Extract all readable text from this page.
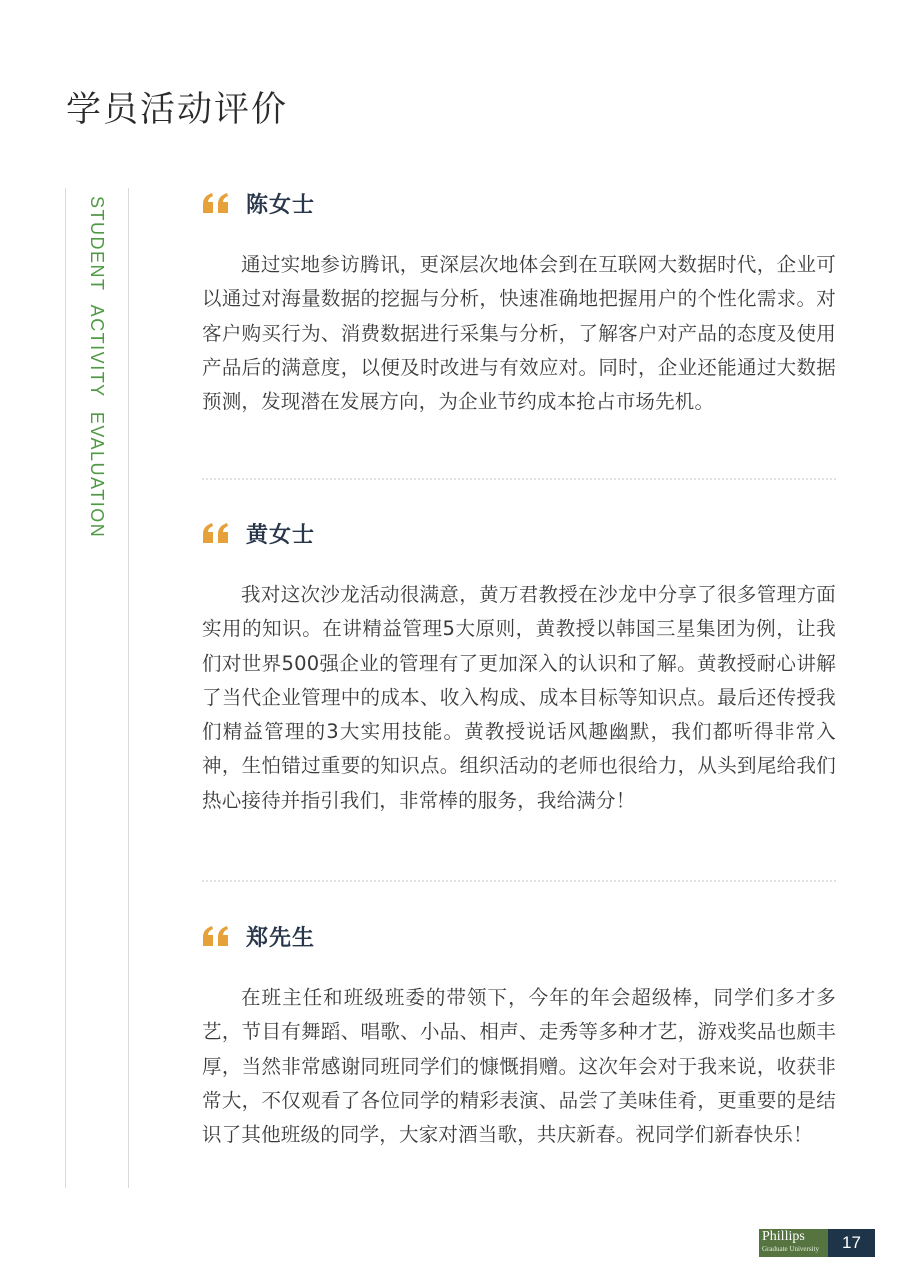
学员活动评价
STUDENT ACTIVITY EVALUATION	陈女士

通过实地参访腾讯，更深层次地体会到在互联网大数据时代，企业可以通过对海量数据的挖掘与分析，快速准确地把握用户的个性化需求。对客户购买行为、消费数据进行采集与分析，了解客户对产品的态度及使用　产品后的满意度，以便及时改进与有效应对。同时，企业还能通过大数据预测，发现潜在发展方向，为企业节约成本抢占市场先机。

黄女士

我对这次沙龙活动很满意，黄万君教授在沙龙中分享了很多管理方面实用的知识。在讲精益管理5大原则，黄教授以韩国三星集团为例，让我们对世界500强企业的管理有了更加深入的认识和了解。黄教授耐心讲解　了当代企业管理中的成本、收入构成、成本目标等知识点。最后还传授我们精益管理的3大实用技能。黄教授说话风趣幽默，我们都听得非常入神，生怕错过重要的知识点。组织活动的老师也很给力，从头到尾给我们热心接待并指引我们，非常棒的服务，我给满分！

郑先生

在班主任和班级班委的带领下，今年的年会超级棒，同学们多才多艺，节目有舞蹈、唱歌、小品、相声、走秀等多种才艺，游戏奖品也颇丰厚，当然非常感谢同班同学们的慷慨捐赠。这次年会对于我来说，收获非常大，不仅观看了各位同学的精彩表演、品尝了美味佳肴，更重要的是结识了其他班级的同学，大家对酒当歌，共庆新春。祝同学们新春快乐！

Phillips
Graduate University	17
